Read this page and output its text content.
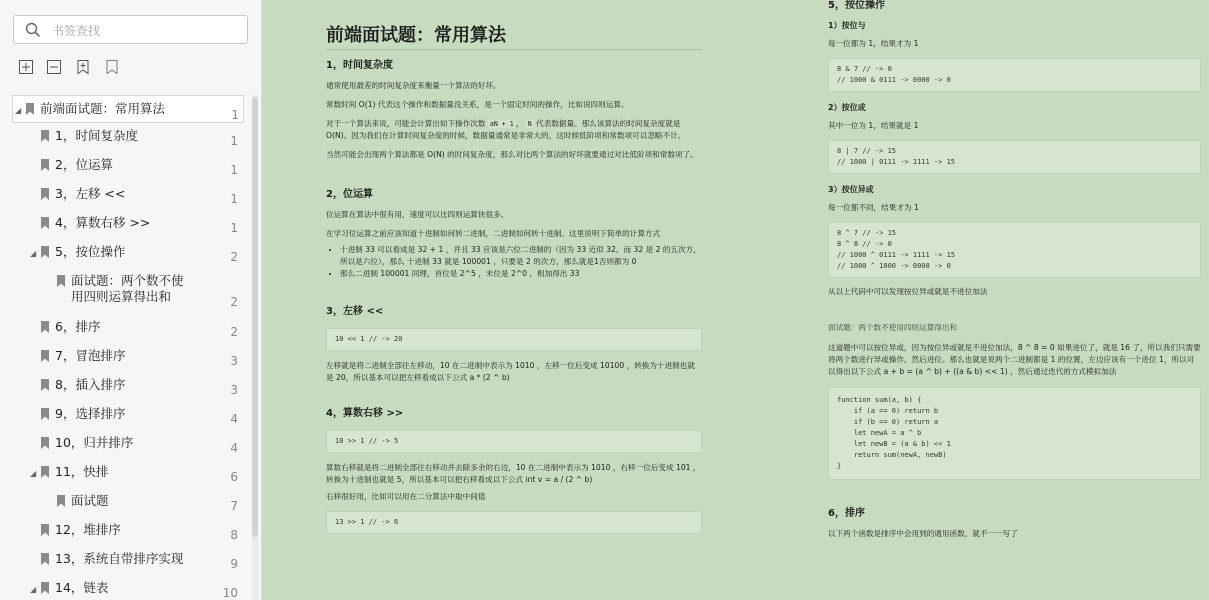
书签查找
◢ 前端面试题：常用算法	1
1，时间复杂度	1
2，位运算	1
3，左移 <<	1
4，算数右移 >>	1
◢ 5，按位操作	2
面试题：两个数不使用四则运算得出和	2
6，排序	2
7，冒泡排序	3
8，插入排序	3
9，选择排序	4
10，归并排序	4
◢ 11，快排	6
面试题	7
12，堆排序	8
13，系统自带排序实现	9
◢ 14，链表	10
前端面试题：常用算法
1，时间复杂度

通常使用最差的时间复杂度来衡量一个算法的好坏。

常数时间 O(1) 代表这个操作和数据量没关系，是一个固定时间的操作，比如说四则运算。

对于一个算法来说，可能会计算出如下操作次数 aN + 1 ， N 代表数据量。那么该算法的时间复杂度就是 O(N)。因为我们在计算时间复杂度的时候，数据量通常是非常大的，这时候低阶项和常数项可以忽略不计。

当然可能会出现两个算法都是 O(N) 的时间复杂度，那么对比两个算法的好坏就要通过对比低阶项和常数项了。

2，位运算

位运算在算法中很有用，速度可以比四则运算快很多。

在学习位运算之前应该知道十进制如何转二进制，二进制如何转十进制。这里说明下简单的计算方式

• 十进制 33 可以看成是 32 + 1 ，并且 33 应该是六位二进制的（因为 33 近似 32，而 32 是 2 的五次方，所以是六位），那么 十进制 33 就是 100001 ，只要是 2 的次方，那么就是1否则都为 0
• 那么二进制 100001 同理，首位是 2^5 ，末位是 2^0 ，相加得出 33
3，左移 <<
10 << 1 // -> 20

左移就是将二进制全部往左移动，10 在二进制中表示为 1010 ，左移一位后变成 10100 ，转换为十进制也就是 20，所以基本可以把左移看成以下公式 a * (2 ^ b)

4，算数右移 >>
10 >> 1 // -> 5

算数右移就是将二进制全部往右移动并去除多余的右边，10 在二进制中表示为 1010 ，右移一位后变成 101 ，转换为十进制也就是 5，所以基本可以把右移看成以下公式 int v = a / (2 ^ b)

右移很好用，比如可以用在二分算法中取中间值

13 >> 1 // -> 6
5，按位操作
1）按位与

每一位都为 1，结果才为 1

8 & 7 // -> 0
// 1000 & 0111 -> 0000 -> 0
2）按位或

其中一位为 1，结果就是 1

8 | 7 // -> 15
// 1000 | 0111 -> 1111 -> 15
3）按位异或

每一位都不同，结果才为 1

8 ^ 7 // -> 15
8 ^ 8 // -> 0
// 1000 ^ 0111 -> 1111 -> 15
// 1000 ^ 1000 -> 0000 -> 0

从以上代码中可以发现按位异或就是不进位加法

面试题：两个数不使用四则运算得出和

这道题中可以按位异或，因为按位异或就是不进位加法，8 ^ 8 = 0 如果进位了，就是 16 了，所以我们只需要将两个数进行异或操作，然后进位。那么也就是说两个二进制都是 1 的位置，左边应该有一个进位 1，所以可以得出以下公式 a + b = (a ^ b) + ((a & b) << 1) ，然后通过迭代的方式模拟加法

function sum(a, b) {
if (a == 0) return b
if (b == 0) return a
let newA = a ^ b
let newB = (a & b) << 1
return sum(newA, newB)
}
6，排序

以下两个函数是排序中会用到的通用函数，就不一一写了
